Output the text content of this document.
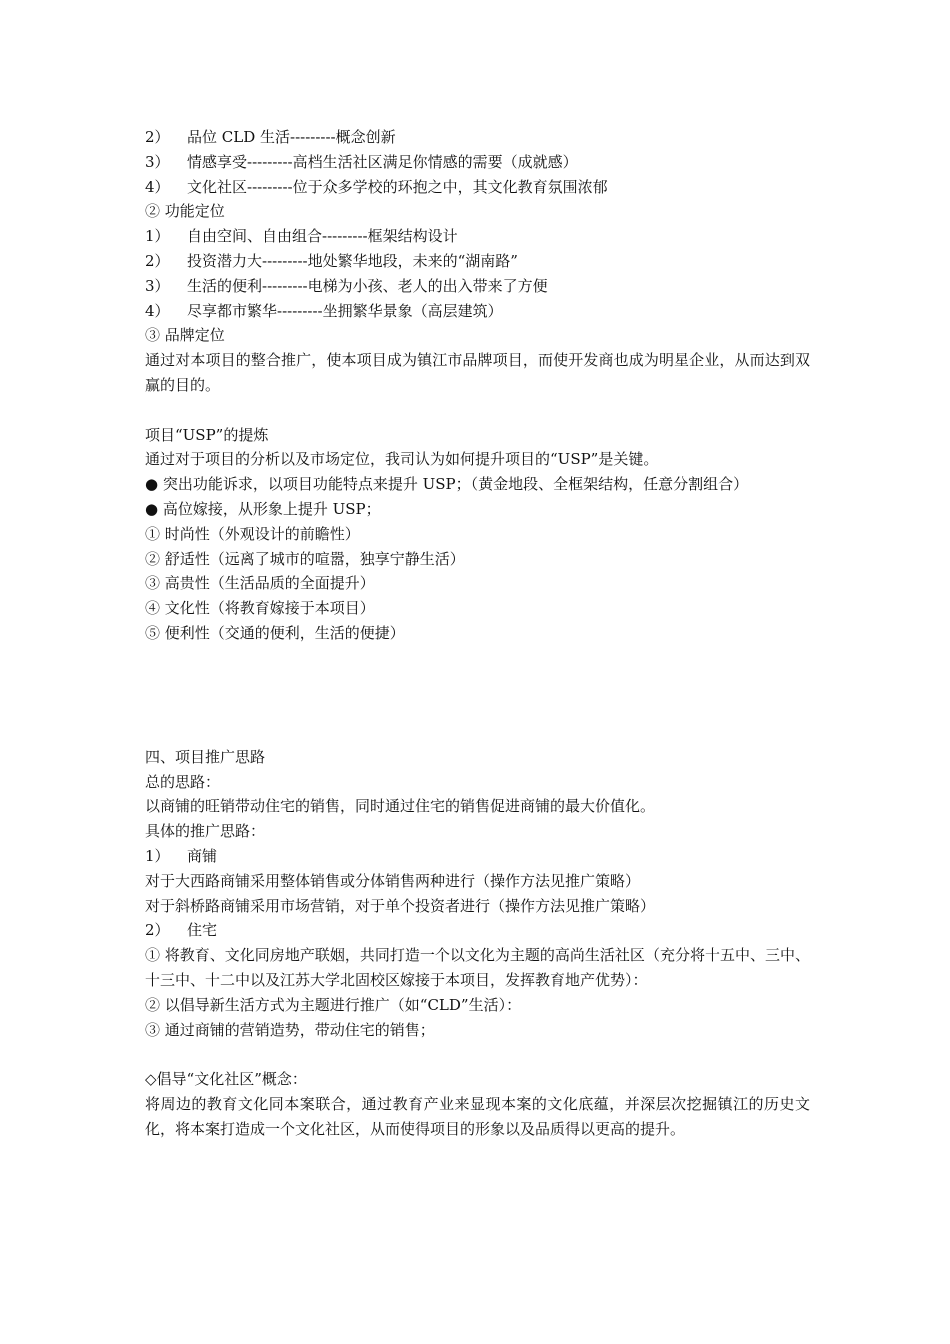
2） 品位 CLD 生活---------概念创新
3） 情感享受---------高档生活社区满足你情感的需要（成就感）
4） 文化社区---------位于众多学校的环抱之中，其文化教育氛围浓郁
② 功能定位
1） 自由空间、自由组合---------框架结构设计
2） 投资潜力大---------地处繁华地段，未来的“湖南路”
3） 生活的便利---------电梯为小孩、老人的出入带来了方便
4） 尽享都市繁华---------坐拥繁华景象（高层建筑）
③ 品牌定位
通过对本项目的整合推广，使本项目成为镇江市品牌项目，而使开发商也成为明星企业，从而达到双赢的目的。
项目“USP”的提炼
通过对于项目的分析以及市场定位，我司认为如何提升项目的“USP”是关键。
● 突出功能诉求，以项目功能特点来提升 USP；（黄金地段、全框架结构，任意分割组合）
● 高位嫁接，从形象上提升 USP；
① 时尚性（外观设计的前瞻性）
② 舒适性（远离了城市的喧嚣，独享宁静生活）
③ 高贵性（生活品质的全面提升）
④ 文化性（将教育嫁接于本项目）
⑤ 便利性（交通的便利，生活的便捷）
四、项目推广思路
总的思路：
以商铺的旺销带动住宅的销售，同时通过住宅的销售促进商铺的最大价值化。
具体的推广思路：
1） 商铺
对于大西路商铺采用整体销售或分体销售两种进行（操作方法见推广策略）
对于斜桥路商铺采用市场营销，对于单个投资者进行（操作方法见推广策略）
2） 住宅
① 将教育、文化同房地产联姻，共同打造一个以文化为主题的高尚生活社区（充分将十五中、三中、十三中、十二中以及江苏大学北固校区嫁接于本项目，发挥教育地产优势）：
② 以倡导新生活方式为主题进行推广（如“CLD”生活）：
③ 通过商铺的营销造势，带动住宅的销售；
◇倡导“文化社区”概念：
将周边的教育文化同本案联合，通过教育产业来显现本案的文化底蕴，并深层次挖掘镇江的历史文化，将本案打造成一个文化社区，从而使得项目的形象以及品质得以更高的提升。
